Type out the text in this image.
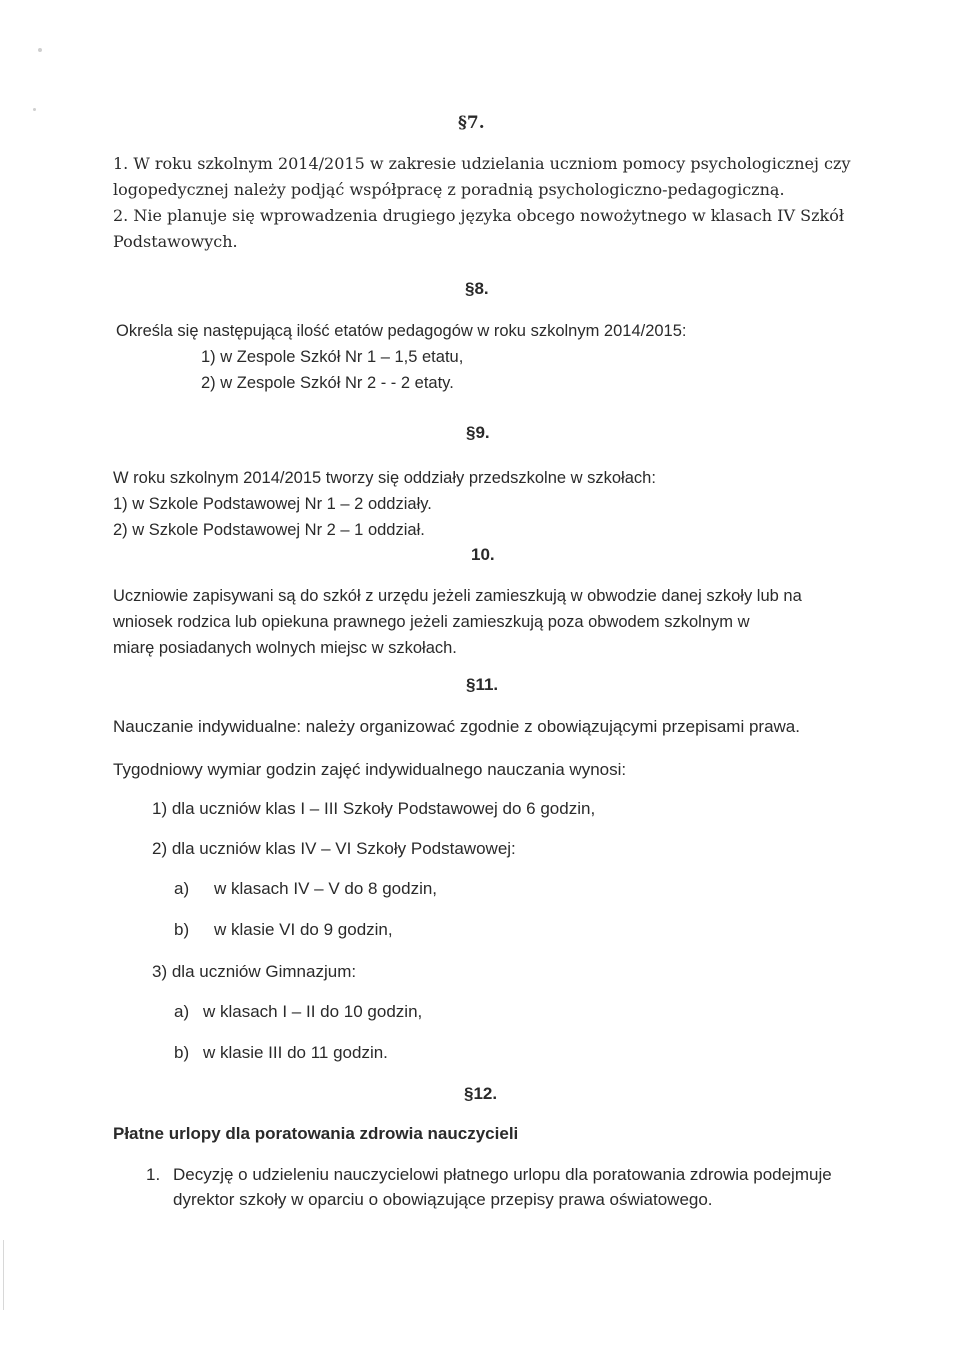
§7.
1. W roku szkolnym 2014/2015 w zakresie udzielania uczniom pomocy psychologicznej czy
logopedycznej należy podjąć współpracę z poradnią psychologiczno-pedagogiczną.
2. Nie planuje się wprowadzenia drugiego języka obcego nowożytnego w klasach IV Szkół
Podstawowych.
§8.
Określa się następującą ilość etatów pedagogów w roku szkolnym 2014/2015:
1) w Zespole Szkół Nr 1 – 1,5 etatu,
2) w Zespole Szkół Nr 2 - - 2 etaty.
§9.
W roku szkolnym 2014/2015 tworzy się oddziały przedszkolne w szkołach:
1) w Szkole Podstawowej Nr 1 – 2 oddziały.
2) w Szkole Podstawowej Nr 2 – 1 oddział.
10.
Uczniowie zapisywani są do szkół z urzędu jeżeli zamieszkują w obwodzie danej szkoły lub na
wniosek rodzica lub opiekuna prawnego jeżeli zamieszkują poza obwodem szkolnym w
miarę posiadanych wolnych miejsc w szkołach.
§11.
Nauczanie indywidualne: należy organizować zgodnie z obowiązującymi przepisami prawa.
Tygodniowy wymiar godzin zajęć indywidualnego nauczania wynosi:
1) dla uczniów klas I – III Szkoły Podstawowej do 6 godzin,
2) dla uczniów klas IV – VI Szkoły Podstawowej:
a) w klasach IV – V do 8 godzin,
b) w klasie VI do 9 godzin,
3) dla uczniów Gimnazjum:
a) w klasach I – II do 10 godzin,
b) w klasie III do 11 godzin.
§12.
Płatne urlopy dla poratowania zdrowia nauczycieli
1. Decyzję o udzieleniu nauczycielowi płatnego urlopu dla poratowania zdrowia podejmuje
dyrektor szkoły w oparciu o obowiązujące przepisy prawa oświatowego.
